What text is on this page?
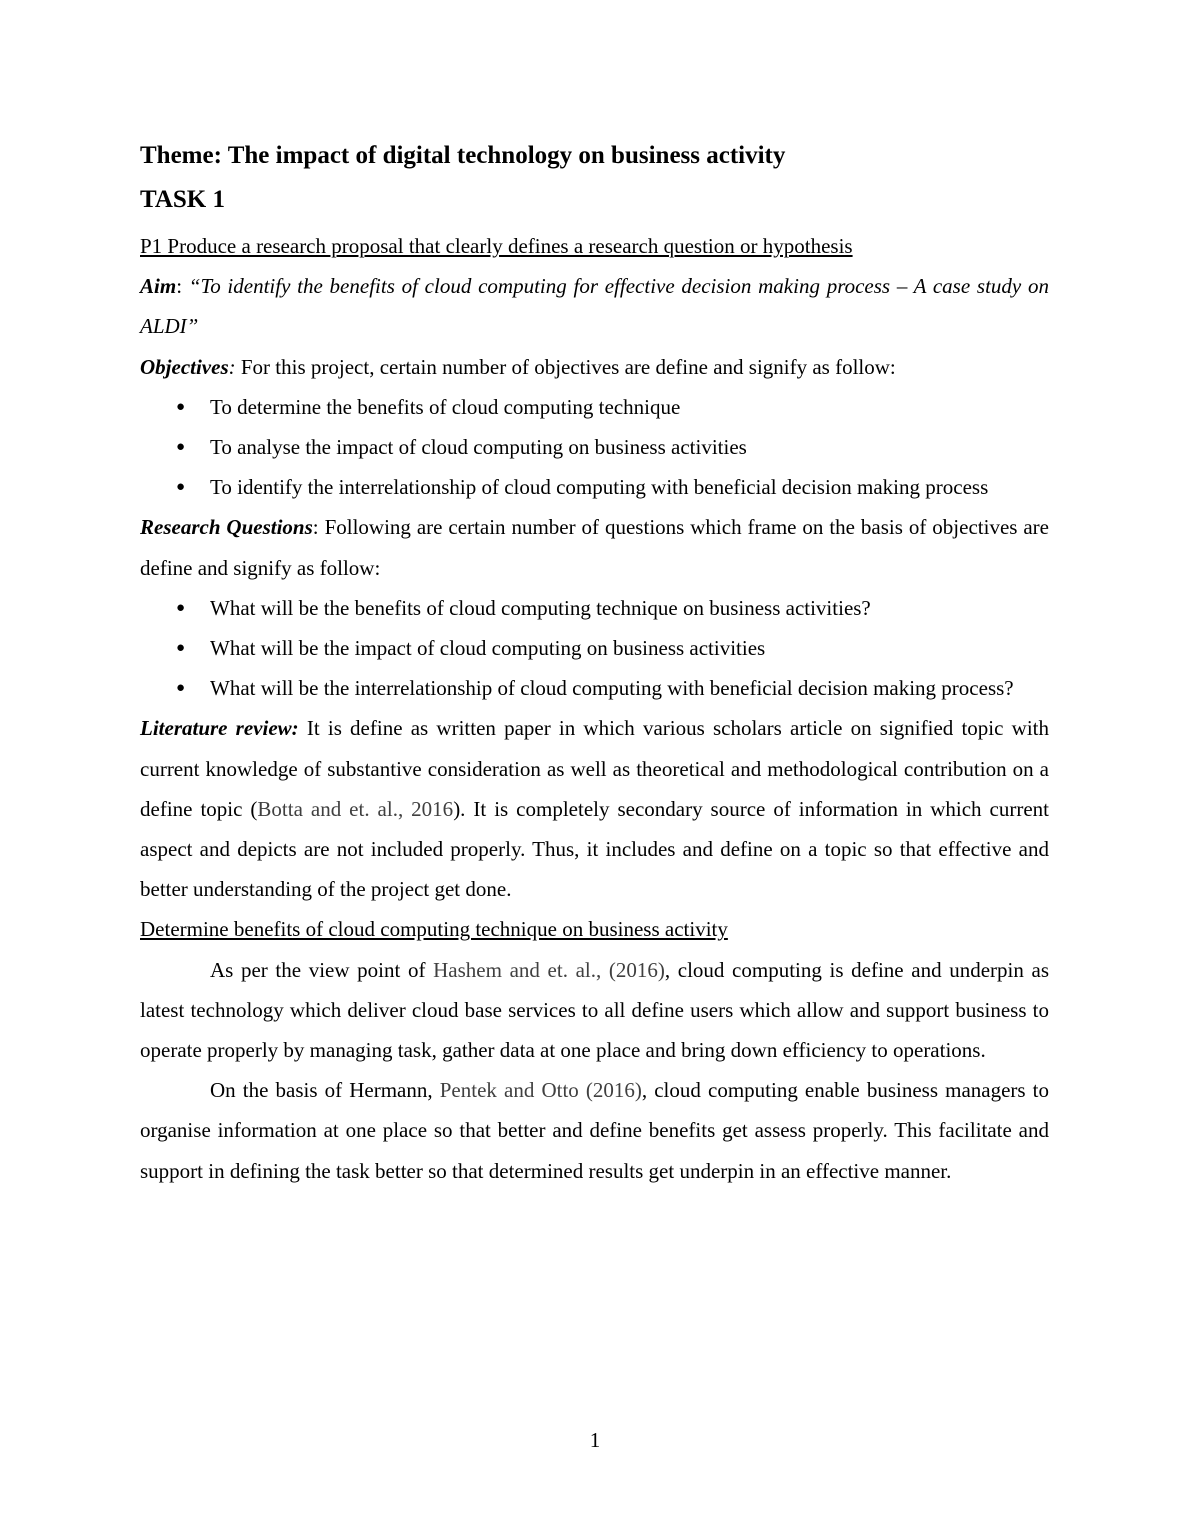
Theme: The impact of digital technology on business activity
TASK 1

P1 Produce a research proposal that clearly defines a research question or hypothesis

Aim: “To identify the benefits of cloud computing for effective decision making process – A case study on ALDI”

Objectives: For this project, certain number of objectives are define and signify as follow:

● To determine the benefits of cloud computing technique
● To analyse the impact of cloud computing on business activities
● To identify the interrelationship of cloud computing with beneficial decision making process

Research Questions: Following are certain number of questions which frame on the basis of objectives are define and signify as follow:

● What will be the benefits of cloud computing technique on business activities?
● What will be the impact of cloud computing on business activities
● What will be the interrelationship of cloud computing with beneficial decision making process?

Literature review: It is define as written paper in which various scholars article on signified topic with current knowledge of substantive consideration as well as theoretical and methodological contribution on a define topic (Botta and et. al., 2016). It is completely secondary source of information in which current aspect and depicts are not included properly. Thus, it includes and define on a topic so that effective and better understanding of the project get done.

Determine benefits of cloud computing technique on business activity

As per the view point of Hashem and et. al., (2016), cloud computing is define and underpin as latest technology which deliver cloud base services to all define users which allow and support business to operate properly by managing task, gather data at one place and bring down efficiency to operations.

On the basis of Hermann, Pentek and Otto (2016), cloud computing enable business managers to organise information at one place so that better and define benefits get assess properly. This facilitate and support in defining the task better so that determined results get underpin in an effective manner.

1
